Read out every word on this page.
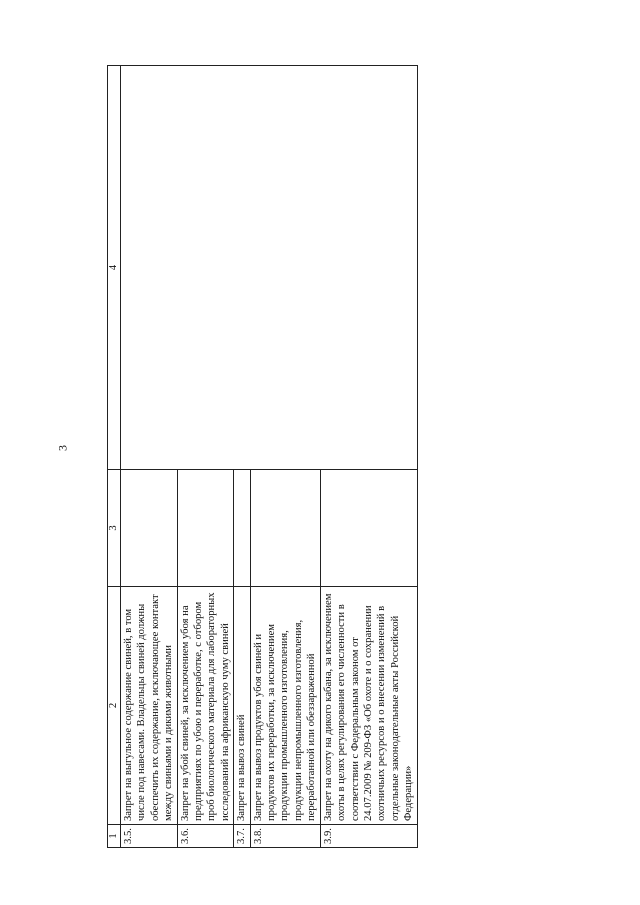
3
1	2	3	4
3.5.	Запрет на выгульное содержание свиней, в том числе под навесами. Владельцы свиней должны обеспечить их содержание, исключающее контакт между свиньями и дикими животными		
3.6.	Запрет на убой свиней, за исключением убоя на предприятиях по убою и переработке, с отбором проб биологического материала для лабораторных исследований на африканскую чуму свиней		
3.7.	Запрет на вывоз свиней		
3.8.	Запрет на вывоз продуктов убоя свиней и продуктов их переработки, за исключением продукции промышленного изготовления, продукции непромышленного изготовления, переработанной или обеззараженной		
3.9.	Запрет на охоту на дикого кабана, за исключением охоты в целях регулирования его численности в соответствии с Федеральным законом от 24.07.2009 № 209-ФЗ «Об охоте и о сохранении охотничьих ресурсов и о внесении изменений в отдельные законодательные акты Российской Федерации»		
